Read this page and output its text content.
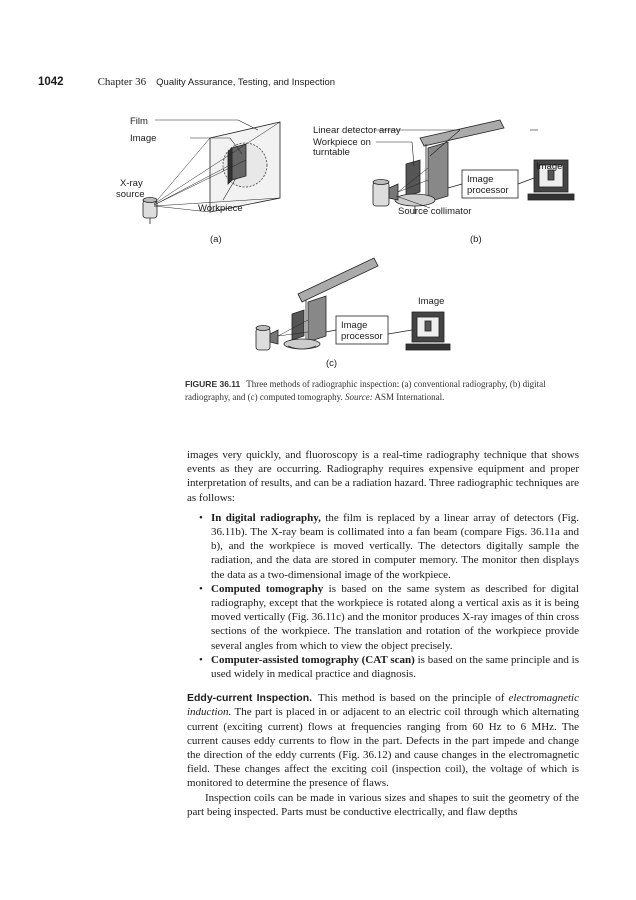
1042	Chapter 36 Quality Assurance, Testing, and Inspection
Film
Image
X-ray
source
Workpiece
(a)
Linear detector array
Workpiece on
turntable
Image
Image
processor
Source collimator
(b)
Image
Image
processor
(c)
FIGURE 36.11 Three methods of radiographic inspection: (a) conventional radiography, (b) digital radiography, and (c) computed tomography. Source: ASM International.

images very quickly, and fluoroscopy is a real-time radiography technique that shows events as they are occurring. Radiography requires expensive equipment and proper interpretation of results, and can be a radiation hazard. Three radiographic techniques are as follows:

• In digital radiography, the film is replaced by a linear array of detectors (Fig. 36.11b). The X-ray beam is collimated into a fan beam (compare Figs. 36.11a and b), and the workpiece is moved vertically. The detectors digitally sample the radiation, and the data are stored in computer memory. The monitor then displays the data as a two-dimensional image of the workpiece.
• Computed tomography is based on the same system as described for digital radiography, except that the workpiece is rotated along a vertical axis as it is being moved vertically (Fig. 36.11c) and the monitor produces X-ray images of thin cross sections of the workpiece. The translation and rotation of the workpiece provide several angles from which to view the object precisely.
• Computer-assisted tomography (CAT scan) is based on the same principle and is used widely in medical practice and diagnosis.

Eddy-current Inspection. This method is based on the principle of electromagnetic induction. The part is placed in or adjacent to an electric coil through which alternating current (exciting current) flows at frequencies ranging from 60 Hz to 6 MHz. The current causes eddy currents to flow in the part. Defects in the part impede and change the direction of the eddy currents (Fig. 36.12) and cause changes in the electromagnetic field. These changes affect the exciting coil (inspection coil), the voltage of which is monitored to determine the presence of flaws.

Inspection coils can be made in various sizes and shapes to suit the geometry of the part being inspected. Parts must be conductive electrically, and flaw depths
